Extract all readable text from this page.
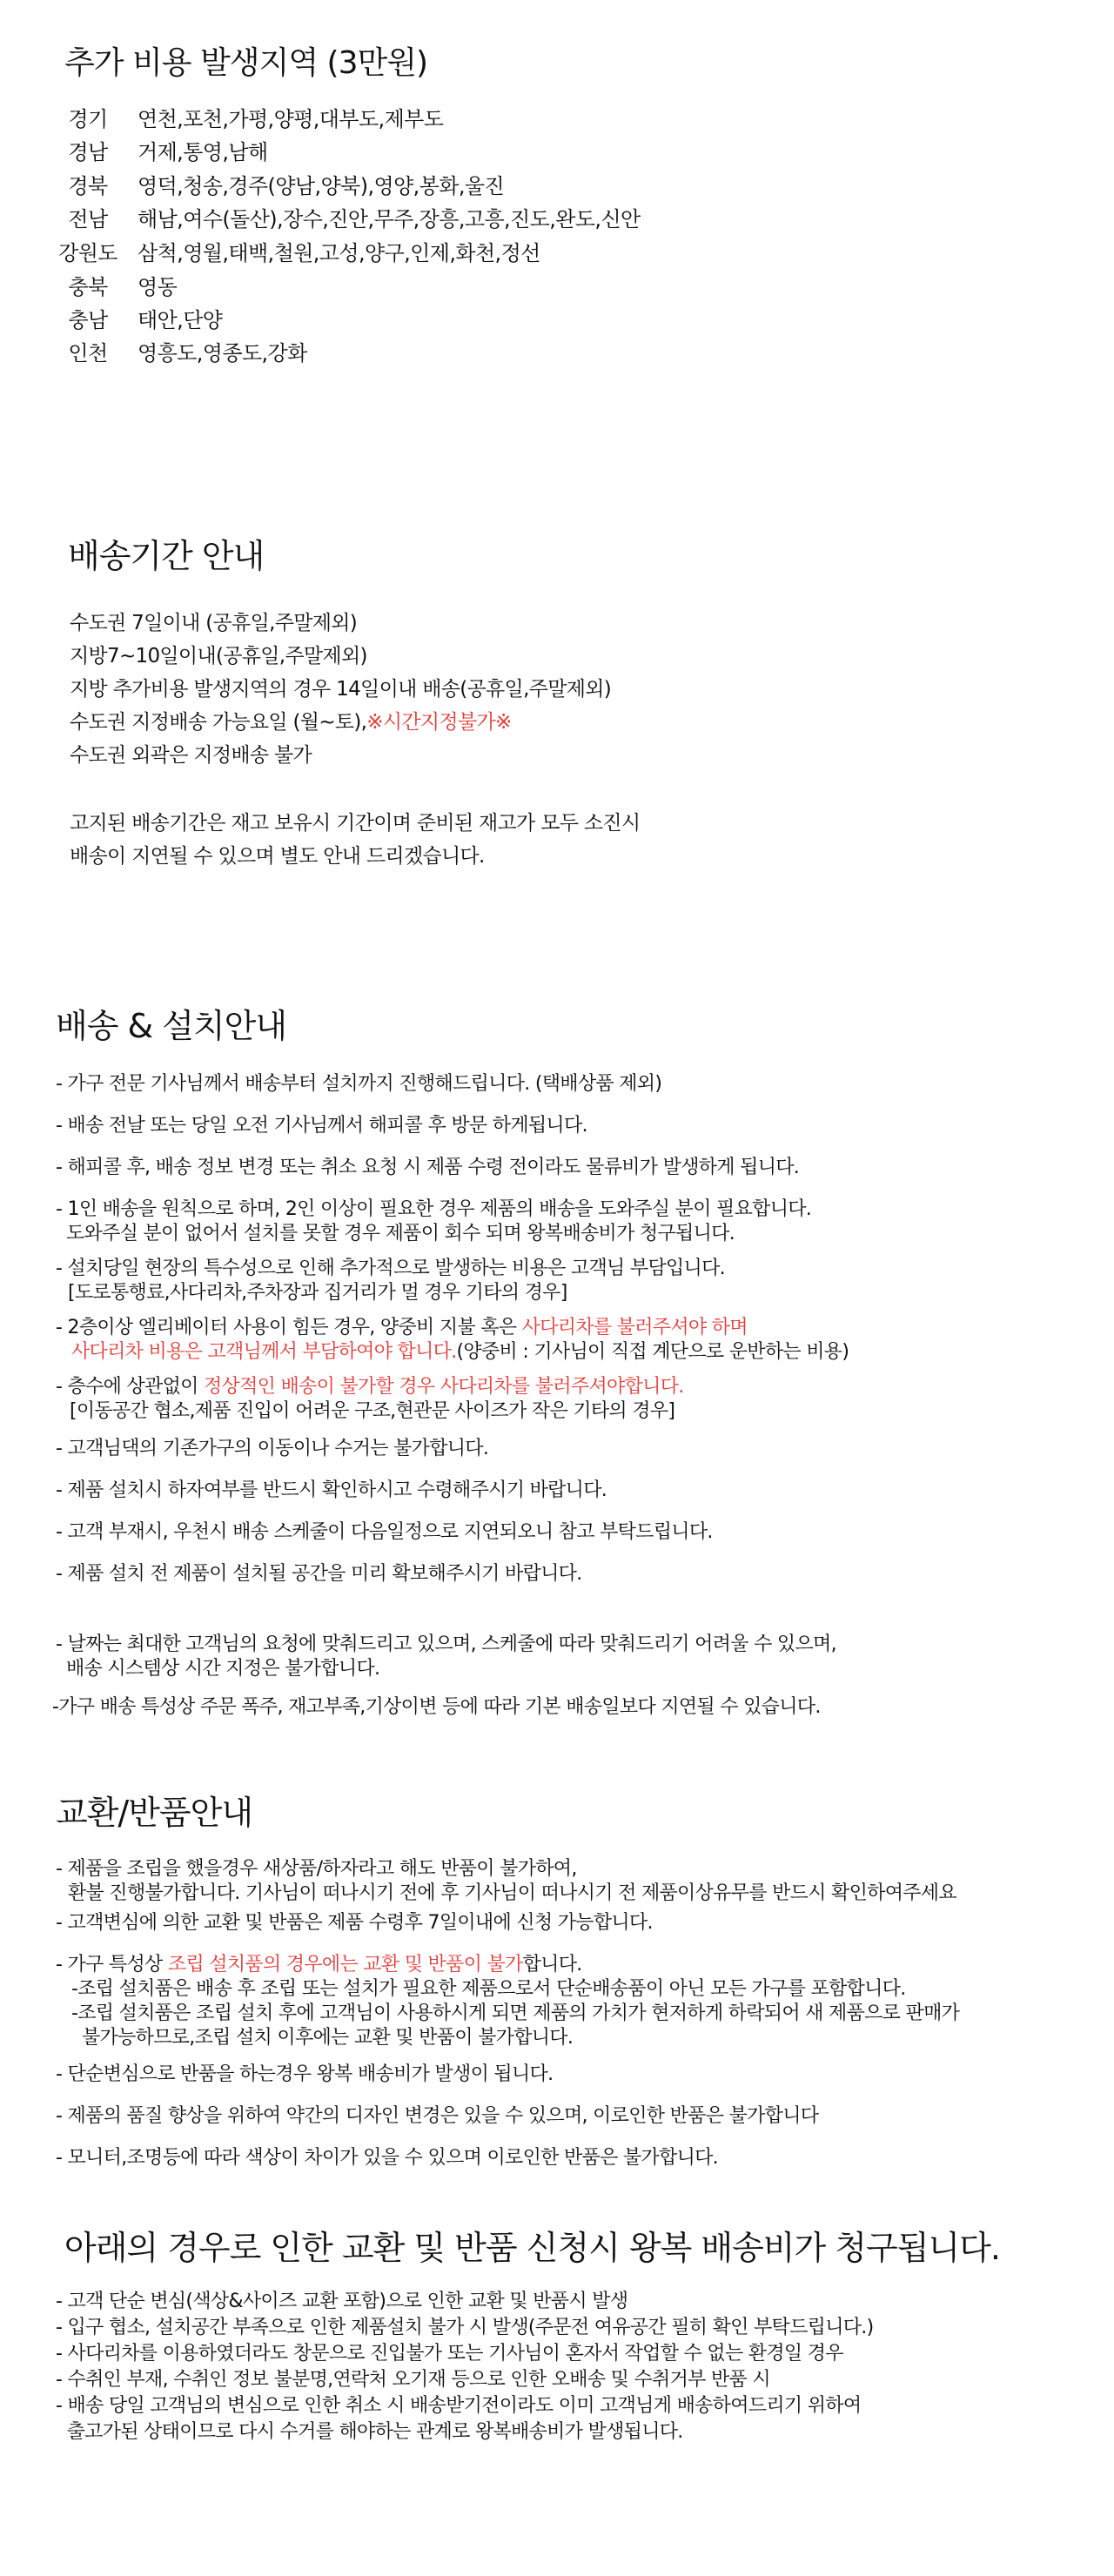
추가 비용 발생지역 (3만원)
경기	연천,포천,가평,양평,대부도,제부도
경남	거제,통영,남해
경북	영덕,청송,경주(양남,양북),영양,봉화,울진
전남	해남,여수(돌산),장수,진안,무주,장흥,고흥,진도,완도,신안
강원도 삼척,영월,태백,철원,고성,양구,인제,화천,정선
충북	영동
충남	태안,단양
인천	영흥도,영종도,강화
배송기간 안내
수도권 7일이내 (공휴일,주말제외)
지방7~10일이내(공휴일,주말제외)
지방 추가비용 발생지역의 경우 14일이내 배송(공휴일,주말제외)
수도권 지정배송 가능요일 (월~토),※시간지정불가※
수도권 외곽은 지정배송 불가
고지된 배송기간은 재고 보유시 기간이며 준비된 재고가 모두 소진시
배송이 지연될 수 있으며 별도 안내 드리겠습니다.
배송 & 설치안내
- 가구 전문 기사님께서 배송부터 설치까지 진행해드립니다. (택배상품 제외)
- 배송 전날 또는 당일 오전 기사님께서 해피콜 후 방문 하게됩니다.
- 해피콜 후, 배송 정보 변경 또는 취소 요청 시 제품 수령 전이라도 물류비가 발생하게 됩니다.
- 1인 배송을 원칙으로 하며, 2인 이상이 필요한 경우 제품의 배송을 도와주실 분이 필요합니다.
도와주실 분이 없어서 설치를 못할 경우 제품이 회수 되며 왕복배송비가 청구됩니다.
- 설치당일 현장의 특수성으로 인해 추가적으로 발생하는 비용은 고객님 부담입니다.
[도로통행료,사다리차,주차장과 집거리가 멀 경우 기타의 경우]
- 2층이상 엘리베이터 사용이 힘든 경우, 양중비 지불 혹은 사다리차를 불러주셔야 하며
사다리차 비용은 고객님께서 부담하여야 합니다.(양중비 : 기사님이 직접 계단으로 운반하는 비용)
- 층수에 상관없이 정상적인 배송이 불가할 경우 사다리차를 불러주셔야합니다.
[이동공간 협소,제품 진입이 어려운 구조,현관문 사이즈가 작은 기타의 경우]
- 고객님댁의 기존가구의 이동이나 수거는 불가합니다.
- 제품 설치시 하자여부를 반드시 확인하시고 수령해주시기 바랍니다.
- 고객 부재시, 우천시 배송 스케줄이 다음일정으로 지연되오니 참고 부탁드립니다.
- 제품 설치 전 제품이 설치될 공간을 미리 확보해주시기 바랍니다.
- 날짜는 최대한 고객님의 요청에 맞춰드리고 있으며, 스케줄에 따라 맞춰드리기 어려울 수 있으며,
배송 시스템상 시간 지정은 불가합니다.
-가구 배송 특성상 주문 폭주, 재고부족,기상이변 등에 따라 기본 배송일보다 지연될 수 있습니다.
교환/반품안내
- 제품을 조립을 했을경우 새상품/하자라고 해도 반품이 불가하여,
환불 진행불가합니다. 기사님이 떠나시기 전에 후 기사님이 떠나시기 전 제품이상유무를 반드시 확인하여주세요
- 고객변심에 의한 교환 및 반품은 제품 수령후 7일이내에 신청 가능합니다.
- 가구 특성상 조립 설치품의 경우에는 교환 및 반품이 불가합니다.
-조립 설치품은 배송 후 조립 또는 설치가 필요한 제품으로서 단순배송품이 아닌 모든 가구를 포함합니다.
-조립 설치품은 조립 설치 후에 고객님이 사용하시게 되면 제품의 가치가 현저하게 하락되어 새 제품으로 판매가
불가능하므로,조립 설치 이후에는 교환 및 반품이 불가합니다.
- 단순변심으로 반품을 하는경우 왕복 배송비가 발생이 됩니다.
- 제품의 품질 향상을 위하여 약간의 디자인 변경은 있을 수 있으며, 이로인한 반품은 불가합니다
- 모니터,조명등에 따라 색상이 차이가 있을 수 있으며 이로인한 반품은 불가합니다.
아래의 경우로 인한 교환 및 반품 신청시 왕복 배송비가 청구됩니다.
- 고객 단순 변심(색상&사이즈 교환 포함)으로 인한 교환 및 반품시 발생
- 입구 협소, 설치공간 부족으로 인한 제품설치 불가 시 발생(주문전 여유공간 필히 확인 부탁드립니다.)
- 사다리차를 이용하였더라도 창문으로 진입불가 또는 기사님이 혼자서 작업할 수 없는 환경일 경우
- 수취인 부재, 수취인 정보 불분명,연락처 오기재 등으로 인한 오배송 및 수취거부 반품 시
- 배송 당일 고객님의 변심으로 인한 취소 시 배송받기전이라도 이미 고객님게 배송하여드리기 위하여
출고가된 상태이므로 다시 수거를 해야하는 관계로 왕복배송비가 발생됩니다.
